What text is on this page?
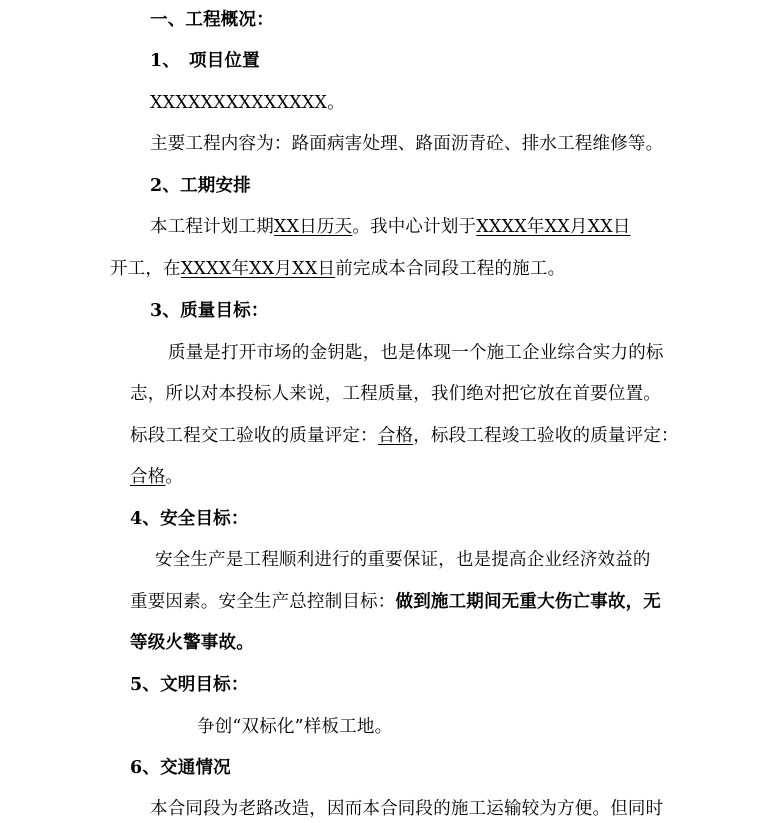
一、工程概况：
1、　项目位置
XXXXXXXXXXXXXX。
主要工程内容为：路面病害处理、路面沥青砼、排水工程维修等。
2、工期安排
本工程计划工期XX日历天。我中心计划于XXXX年XX月XX日
开工，在XXXX年XX月XX日前完成本合同段工程的施工。
3、质量目标：
质量是打开市场的金钥匙，也是体现一个施工企业综合实力的标
志，所以对本投标人来说，工程质量，我们绝对把它放在首要位置。
标段工程交工验收的质量评定：合格，标段工程竣工验收的质量评定：
合格。
4、安全目标：
安全生产是工程顺利进行的重要保证，也是提高企业经济效益的
重要因素。安全生产总控制目标：做到施工期间无重大伤亡事故，无
等级火警事故。
5、文明目标：
争创“双标化”样板工地。
6、交通情况
本合同段为老路改造，因而本合同段的施工运输较为方便。但同时
